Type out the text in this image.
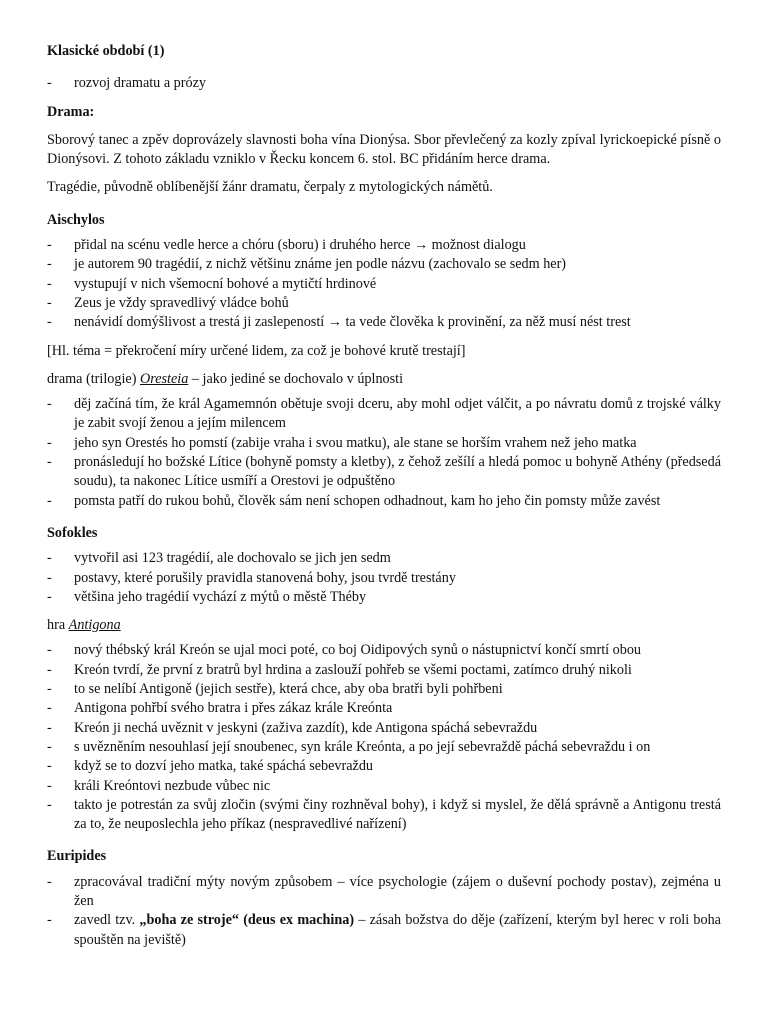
Klasické období (1)

- rozvoj dramatu a prózy

Drama:

Sborový tanec a zpěv doprovázely slavnosti boha vína Dionýsa. Sbor převlečený za kozly zpíval lyrickoepické písně o Dionýsovi. Z tohoto základu vzniklo v Řecku koncem 6. stol. BC přidáním herce drama.

Tragédie, původně oblíbenější žánr dramatu, čerpaly z mytologických námětů.

Aischylos

- přidal na scénu vedle herce a chóru (sboru) i druhého herce → možnost dialogu
- je autorem 90 tragédií, z nichž většinu známe jen podle názvu (zachovalo se sedm her)
- vystupují v nich všemocní bohové a mytičtí hrdinové
- Zeus je vždy spravedlivý vládce bohů
- nenávidí domýšlivost a trestá ji zaslepeností → ta vede člověka k provinění, za něž musí nést trest

[Hl. téma = překročení míry určené lidem, za což je bohové krutě trestají]

drama (trilogie) Oresteia – jako jediné se dochovalo v úplnosti

- děj začíná tím, že král Agamemnón obětuje svoji dceru, aby mohl odjet válčit, a po návratu domů z trojské války je zabit svojí ženou a jejím milencem
- jeho syn Orestés ho pomstí (zabije vraha i svou matku), ale stane se horším vrahem než jeho matka
- pronásledují ho božské Lítice (bohyně pomsty a kletby), z čehož zešílí a hledá pomoc u bohyně Athény (předsedá soudu), ta nakonec Lítice usmíří a Orestovi je odpuštěno
- pomsta patří do rukou bohů, člověk sám není schopen odhadnout, kam ho jeho čin pomsty může zavést

Sofokles

- vytvořil asi 123 tragédií, ale dochovalo se jich jen sedm
- postavy, které porušily pravidla stanovená bohy, jsou tvrdě trestány
- většina jeho tragédií vychází z mýtů o městě Théby

hra Antigona

- nový thébský král Kreón se ujal moci poté, co boj Oidipových synů o nástupnictví končí smrtí obou
- Kreón tvrdí, že první z bratrů byl hrdina a zaslouží pohřeb se všemi poctami, zatímco druhý nikoli
- to se nelíbí Antigoně (jejich sestře), která chce, aby oba bratři byli pohřbeni
- Antigona pohřbí svého bratra i přes zákaz krále Kreónta
- Kreón ji nechá uvěznit v jeskyni (zaživa zazdít), kde Antigona spáchá sebevraždu
- s uvězněním nesouhlasí její snoubenec, syn krále Kreónta, a po její sebevraždě páchá sebevraždu i on
- když se to dozví jeho matka, také spáchá sebevraždu
- králi Kreóntovi nezbude vůbec nic
- takto je potrestán za svůj zločin (svými činy rozhněval bohy), i když si myslel, že dělá správně a Antigonu trestá za to, že neuposlechla jeho příkaz (nespravedlivé nařízení)

Euripides

- zpracovával tradiční mýty novým způsobem – více psychologie (zájem o duševní pochody postav), zejména u žen
- zavedl tzv. „boha ze stroje“ (deus ex machina) – zásah božstva do děje (zařízení, kterým byl herec v roli boha spouštěn na jeviště)
